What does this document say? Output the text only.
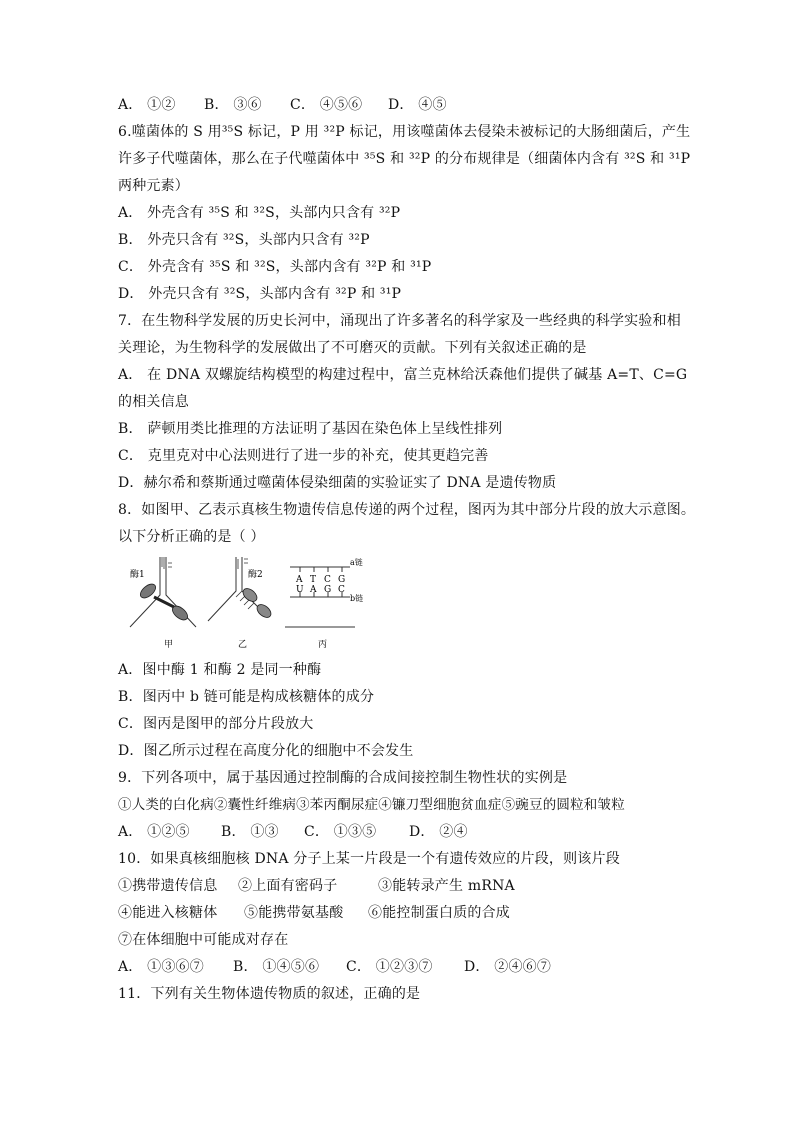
A． ①② B． ③⑥ C． ④⑤⑥ D． ④⑤
6.噬菌体的 S 用³⁵S 标记，P 用 ³²P 标记，用该噬菌体去侵染未被标记的大肠细菌后，产生
许多子代噬菌体，那么在子代噬菌体中 ³⁵S 和 ³²P 的分布规律是（细菌体内含有 ³²S 和 ³¹P
两种元素）
A． 外壳含有 ³⁵S 和 ³²S，头部内只含有 ³²P
B． 外壳只含有 ³²S，头部内只含有 ³²P
C． 外壳含有 ³⁵S 和 ³²S，头部内含有 ³²P 和 ³¹P
D． 外壳只含有 ³²S，头部内含有 ³²P 和 ³¹P
7．在生物科学发展的历史长河中，涌现出了许多著名的科学家及一些经典的科学实验和相
关理论，为生物科学的发展做出了不可磨灭的贡献。下列有关叙述正确的是
A． 在 DNA 双螺旋结构模型的构建过程中，富兰克林给沃森他们提供了碱基 A=T、C=G
的相关信息
B． 萨顿用类比推理的方法证明了基因在染色体上呈线性排列
C． 克里克对中心法则进行了进一步的补充，使其更趋完善
D．赫尔希和蔡斯通过噬菌体侵染细菌的实验证实了 DNA 是遗传物质
8．如图甲、乙表示真核生物遗传信息传递的两个过程，图丙为其中部分片段的放大示意图。
以下分析正确的是（ ）
酶1	酶2
甲	乙	丙
A T C G
U A G C
a链
b链
A．图中酶 1 和酶 2 是同一种酶
B．图丙中 b 链可能是构成核糖体的成分
C．图丙是图甲的部分片段放大
D．图乙所示过程在高度分化的细胞中不会发生
9．下列各项中，属于基因通过控制酶的合成间接控制生物性状的实例是
①人类的白化病②囊性纤维病③苯丙酮尿症④镰刀型细胞贫血症⑤豌豆的圆粒和皱粒
A． ①②⑤ B． ①③ C． ①③⑤ D． ②④
10．如果真核细胞核 DNA 分子上某一片段是一个有遗传效应的片段，则该片段
①携带遗传信息 ②上面有密码子	③能转录产生 mRNA
④能进入核糖体 ⑤能携带氨基酸 ⑥能控制蛋白质的合成
⑦在体细胞中可能成对存在
A． ①③⑥⑦ B． ①④⑤⑥ C． ①②③⑦ D． ②④⑥⑦
11．下列有关生物体遗传物质的叙述，正确的是
